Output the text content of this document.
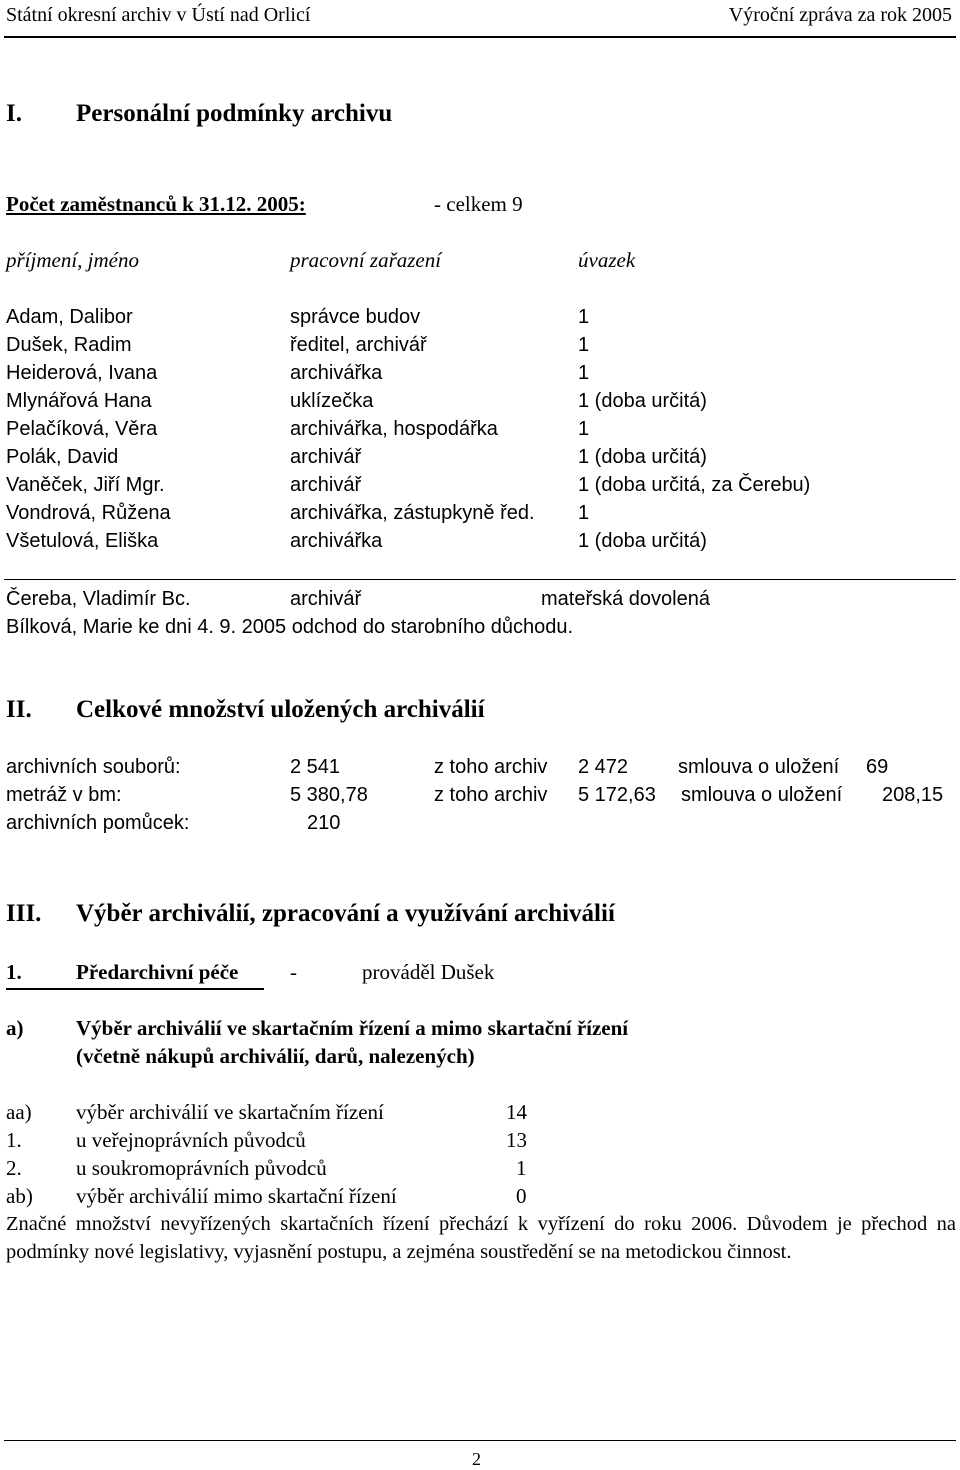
Státní okresní archiv v Ústí nad Orlicí	Výroční zpráva za rok 2005
I. Personální podmínky archivu
Počet zaměstnanců k 31.12. 2005:	- celkem 9
příjmení, jméno	pracovní zařazení	úvazek
Adam, Dalibor	správce budov	1
Dušek, Radim	ředitel, archivář	1
Heiderová, Ivana	archivářka	1
Mlynářová Hana	uklízečka	1 (doba určitá)
Pelačíková, Věra	archivářka, hospodářka	1
Polák, David	archivář	1 (doba určitá)
Vaněček, Jiří Mgr.	archivář	1 (doba určitá, za Čerebu)
Vondrová, Růžena	archivářka, zástupkyně řed. 1
Všetulová, Eliška	archivářka	1 (doba určitá)
Čereba, Vladimír Bc.	archivář	mateřská dovolená
Bílková, Marie ke dni 4. 9. 2005 odchod do starobního důchodu.
II. Celkové množství uložených archiválií
archivních souborů:	2 541	z toho archiv 2 472 smlouva o uložení 69
metráž v bm:	5 380,78	z toho archiv 5 172,63 smlouva o uložení 208,15
archivních pomůcek:	210
III. Výběr archiválií, zpracování a využívání archiválií
1.	Předarchivní péče -	prováděl Dušek
a)	Výběr archiválií ve skartačním řízení a mimo skartační řízení
(včetně nákupů archiválií, darů, nalezených)
aa) výběr archiválií ve skartačním řízení	14
1.	u veřejnoprávních původců	13
2.	u soukromoprávních původců	1
ab) výběr archiválií mimo skartační řízení	0
Značné množství nevyřízených skartačních řízení přechází k vyřízení do roku 2006. Důvodem je přechod na podmínky nové legislativy, vyjasnění postupu, a zejména soustředění se na metodickou činnost.
2
